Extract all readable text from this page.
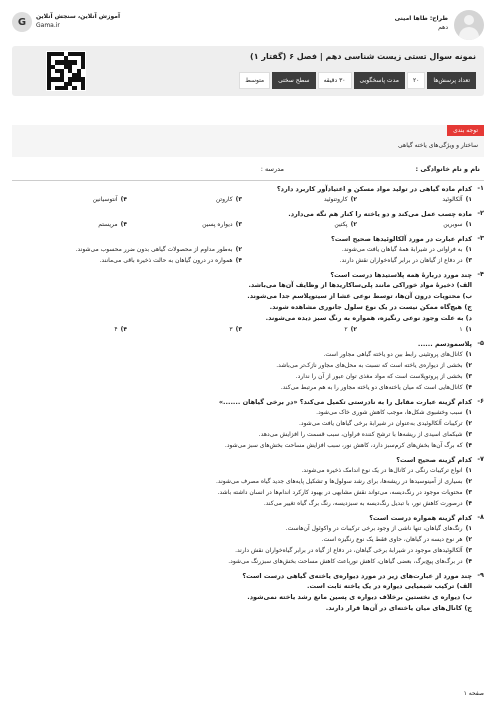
G	آموزش آنلاین، سنجش آنلاین
Gama.ir
طراح: طاها امینی
دهم
نمونه سوال تستی زیست شناسی دهم | فصل ۶ (گفتار ۱)
تعداد پرسش‌ها
۲۰
مدت پاسخگویی
۳۰ دقیقه
سطح سختی
متوسط
توجه بندی
ساختار و ویژگی‌های یاخته گیاهی
نام و نام خانوادگی :
مدرسه :
۱-
کدام ماده گیاهی در تولید مواد مسکن و اعتیادآور کاربرد دارد؟
۱)آلکالوئید
۲)کاروتنوئید
۳)کاروتن
۴)آنتوسیانین
۲-
ماده‌ چسب عمل می‌کند و دو یاخته را کنار هم نگه می‌دارد.
۱)سوبرین
۲)پکتین
۳)دیواره پسین
۴)مریستم
۳-
کدام عبارت در مورد آلکالوئیدها صحیح است؟
۱)به فراوانی در شیرابهٔ همهٔ گیاهان یافت می‌شوند.
۲)به‌طور مداوم از محصولات گیاهی بدون ضرر محسوب می‌شوند.
۳)در دفاع از گیاهان در برابر گیاه‌خواران نقش دارند.
۴)همواره در درون گیاهان به حالت ذخیره باقی می‌مانند.
۴-
چند مورد دربارهٔ همه پلاستیدها درست است؟
الف) ذخیرهٔ مواد خوراکی مانند پلی‌ساکاریدها از وظایف آن‌ها می‌باشد.
ب) محتویات درون آن‌ها، توسط نوعی غشا از سیتوپلاسم جدا می‌شوند.
ج) هیچ‌گاه ممکن نیست در یک نوع سلول جانوری مشاهده شوند.
د) به علت وجود نوعی رنگیزه، همواره به رنگ سبز دیده می‌شوند.
۱)۱
۲)۲
۳)۳
۴)۴
۵-
پلاسمودسم ......
۱)کانال‌های پروتئینی رابط بین دو یاخته گیاهی مجاور است.
۲)بخشی از دیواره‌ی یاخته است که نسبت به محل‌های مجاور نازک‌تر می‌باشد.
۳)بخشی از پروتوپلاست است که مواد مغذی توان عبور از آن را ندارد.
۴)کانال‌هایی است که میان یاخته‌های دو یاخته مجاور را به هم مرتبط می‌کند.
۶-
کدام گزینه عبارت مقابل را به نادرستی تکمیل می‌کند؟ «در برخی گیاهان .......»
۱)سبب وخشبوی‌ شکل‌ها، موجب کاهش شوری خاک می‌شود.
۲)ترکیبات آلکالوئیدی به‌عنوان در شیرابهٔ برخی گیاهان یافت می‌شود.
۳)شیکمای اسیدی از ریشه‌ها با ترشح‌ کننده فراوان، سبب قسمت‌ را افزایش می‌دهد.
۴)که برگ آن‌ها بخش‌های کرم‌سبز دارد، کاهش نور، سبب افزایش مساحت بخش‌های سبز می‌شود.
۷-
کدام گزینه صحیح است؟
۱)انواع ترکیبات رنگی در کانال‌ها در یک نوع اندامک ذخیره می‌شوند.
۲)بسیاری از آمینوسیدها در ریشه‌ها، برای رشد سولول‌ها و تشکیل پایه‌های جدید گیاه مصرف می‌شوند.
۳)محتویات موجود در رنگ‌دیسه، می‌تواند نقش مشابهی در بهبود کارکرد اندام‌ها در انسان داشته باشد.
۴)درصورت کاهش نور، با تبدیل رنگ‌دیسه به سبزدیسه، رنگ برگ گیاه تغییر می‌کند.
۸-
کدام گزینه همواره درست است؟
۱)رنگ‌های گیاهان، تنها ناشی از وجود برخی ترکیبات در واکوئول آن‌هاست.
۲)هر نوع دیسه در گیاهان، حاوی فقط یک نوع رنگیزه است.
۳)آلکالوئیدهای موجود در شیرابهٔ برخی گیاهان، در دفاع از گیاه در برابر گیاه‌خواران نقش دارند.
۴)در برگ‌های پیچ‌برگ، بعضی گیاهان، کاهش نورباعث کاهش مساحت بخش‌های سبزرنگ می‌شود.
۹-
چند مورد از عبارت‌های زیر در مورد دیواره‌ی یاخته‌ی گیاهی درست است؟
الف) ترکیب شیمیایی دیواره در یک یاخته ثابت است.
ب) دیواره ی نخستین برخلاف دیواره ی پسین مانع رشد یاخته نمی‌شود.
ج) کانال‌های میان یاخته‌ای در آن‌ها قرار دارند.
صفحه ۱
